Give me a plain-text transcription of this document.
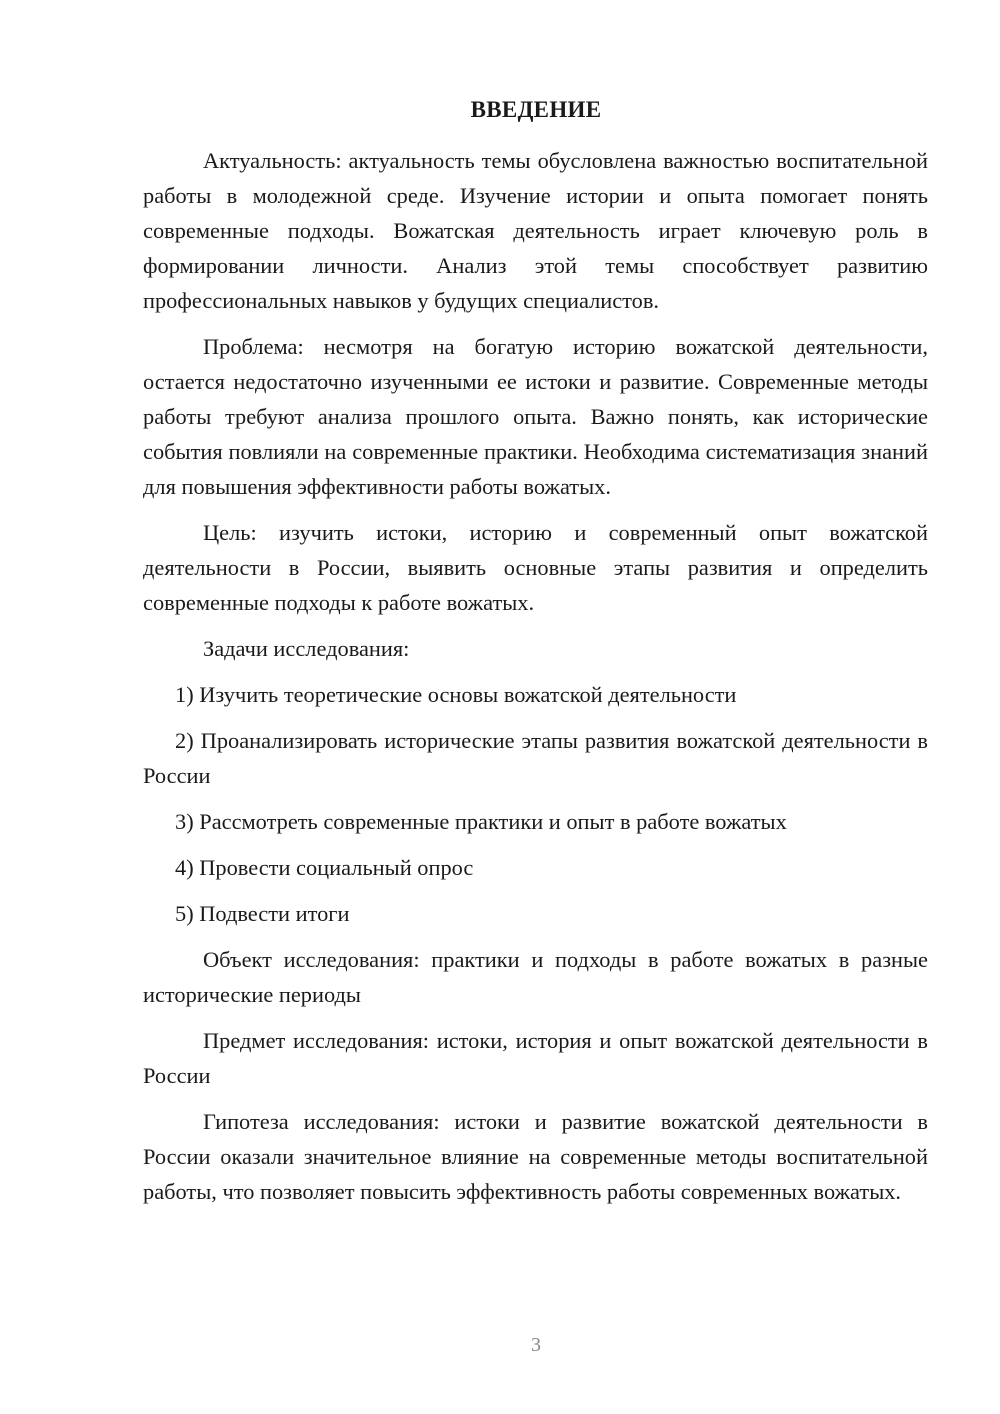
ВВЕДЕНИЕ

Актуальность: актуальность темы обусловлена важностью воспитательной работы в молодежной среде. Изучение истории и опыта помогает понять современные подходы. Вожатская деятельность играет ключевую роль в формировании личности. Анализ этой темы способствует развитию профессиональных навыков у будущих специалистов.

Проблема: несмотря на богатую историю вожатской деятельности, остается недостаточно изученными ее истоки и развитие. Современные методы работы требуют анализа прошлого опыта. Важно понять, как исторические события повлияли на современные практики. Необходима систематизация знаний для повышения эффективности работы вожатых.

Цель: изучить истоки, историю и современный опыт вожатской деятельности в России, выявить основные этапы развития и определить современные подходы к работе вожатых.

Задачи исследования:

1) Изучить теоретические основы вожатской деятельности

2) Проанализировать исторические этапы развития вожатской деятельности в России

3) Рассмотреть современные практики и опыт в работе вожатых

4) Провести социальный опрос

5) Подвести итоги

Объект исследования: практики и подходы в работе вожатых в разные исторические периоды

Предмет исследования: истоки, история и опыт вожатской деятельности в России

Гипотеза исследования: истоки и развитие вожатской деятельности в России оказали значительное влияние на современные методы воспитательной работы, что позволяет повысить эффективность работы современных вожатых.

3
